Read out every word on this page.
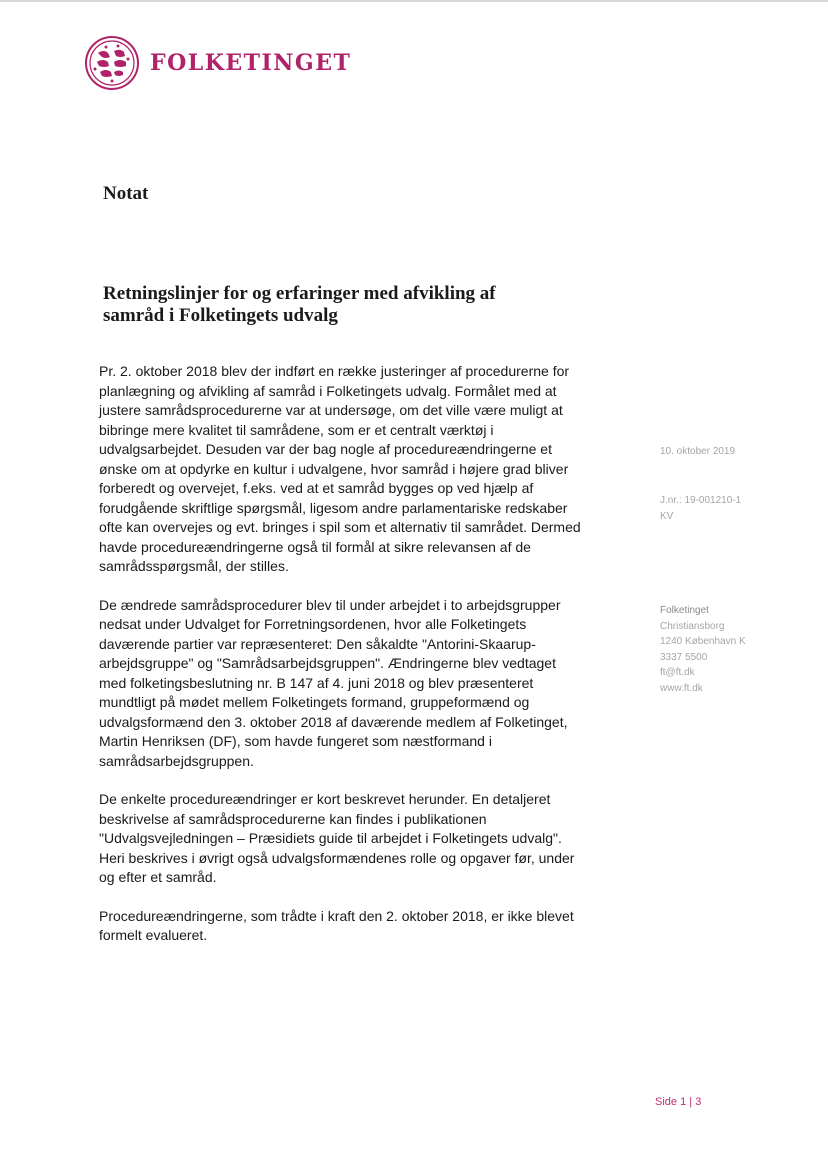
FOLKETINGET
Notat
Retningslinjer for og erfaringer med afvikling af
samråd i Folketingets udvalg

Pr. 2. oktober 2018 blev der indført en række justeringer af procedurerne for
planlægning og afvikling af samråd i Folketingets udvalg. Formålet med at
justere samrådsprocedurerne var at undersøge, om det ville være muligt at
bibringe mere kvalitet til samrådene, som er et centralt værktøj i
udvalgsarbejdet. Desuden var der bag nogle af procedureændringerne et
ønske om at opdyrke en kultur i udvalgene, hvor samråd i højere grad bliver
forberedt og overvejet, f.eks. ved at et samråd bygges op ved hjælp af
forudgående skriftlige spørgsmål, ligesom andre parlamentariske redskaber
ofte kan overvejes og evt. bringes i spil som et alternativ til samrådet. Dermed
havde procedureændringerne også til formål at sikre relevansen af de
samrådsspørgsmål, der stilles.

De ændrede samrådsprocedurer blev til under arbejdet i to arbejdsgrupper
nedsat under Udvalget for Forretningsordenen, hvor alle Folketingets
daværende partier var repræsenteret: Den såkaldte "Antorini-Skaarup-
arbejdsgruppe" og "Samrådsarbejdsgruppen". Ændringerne blev vedtaget
med folketingsbeslutning nr. B 147 af 4. juni 2018 og blev præsenteret
mundtligt på mødet mellem Folketingets formand, gruppeformænd og
udvalgsformænd den 3. oktober 2018 af daværende medlem af Folketinget,
Martin Henriksen (DF), som havde fungeret som næstformand i
samrådsarbejdsgruppen.

De enkelte procedureændringer er kort beskrevet herunder. En detaljeret
beskrivelse af samrådsprocedurerne kan findes i publikationen
"Udvalgsvejledningen – Præsidiets guide til arbejdet i Folketingets udvalg".
Heri beskrives i øvrigt også udvalgsformændenes rolle og opgaver før, under
og efter et samråd.

Procedureændringerne, som trådte i kraft den 2. oktober 2018, er ikke blevet
formelt evalueret.

10. oktober 2019
J.nr.: 19-001210-1
KV
Folketinget
Christiansborg
1240 København K
3337 5500
ft@ft.dk
www.ft.dk
Side 1 | 3
